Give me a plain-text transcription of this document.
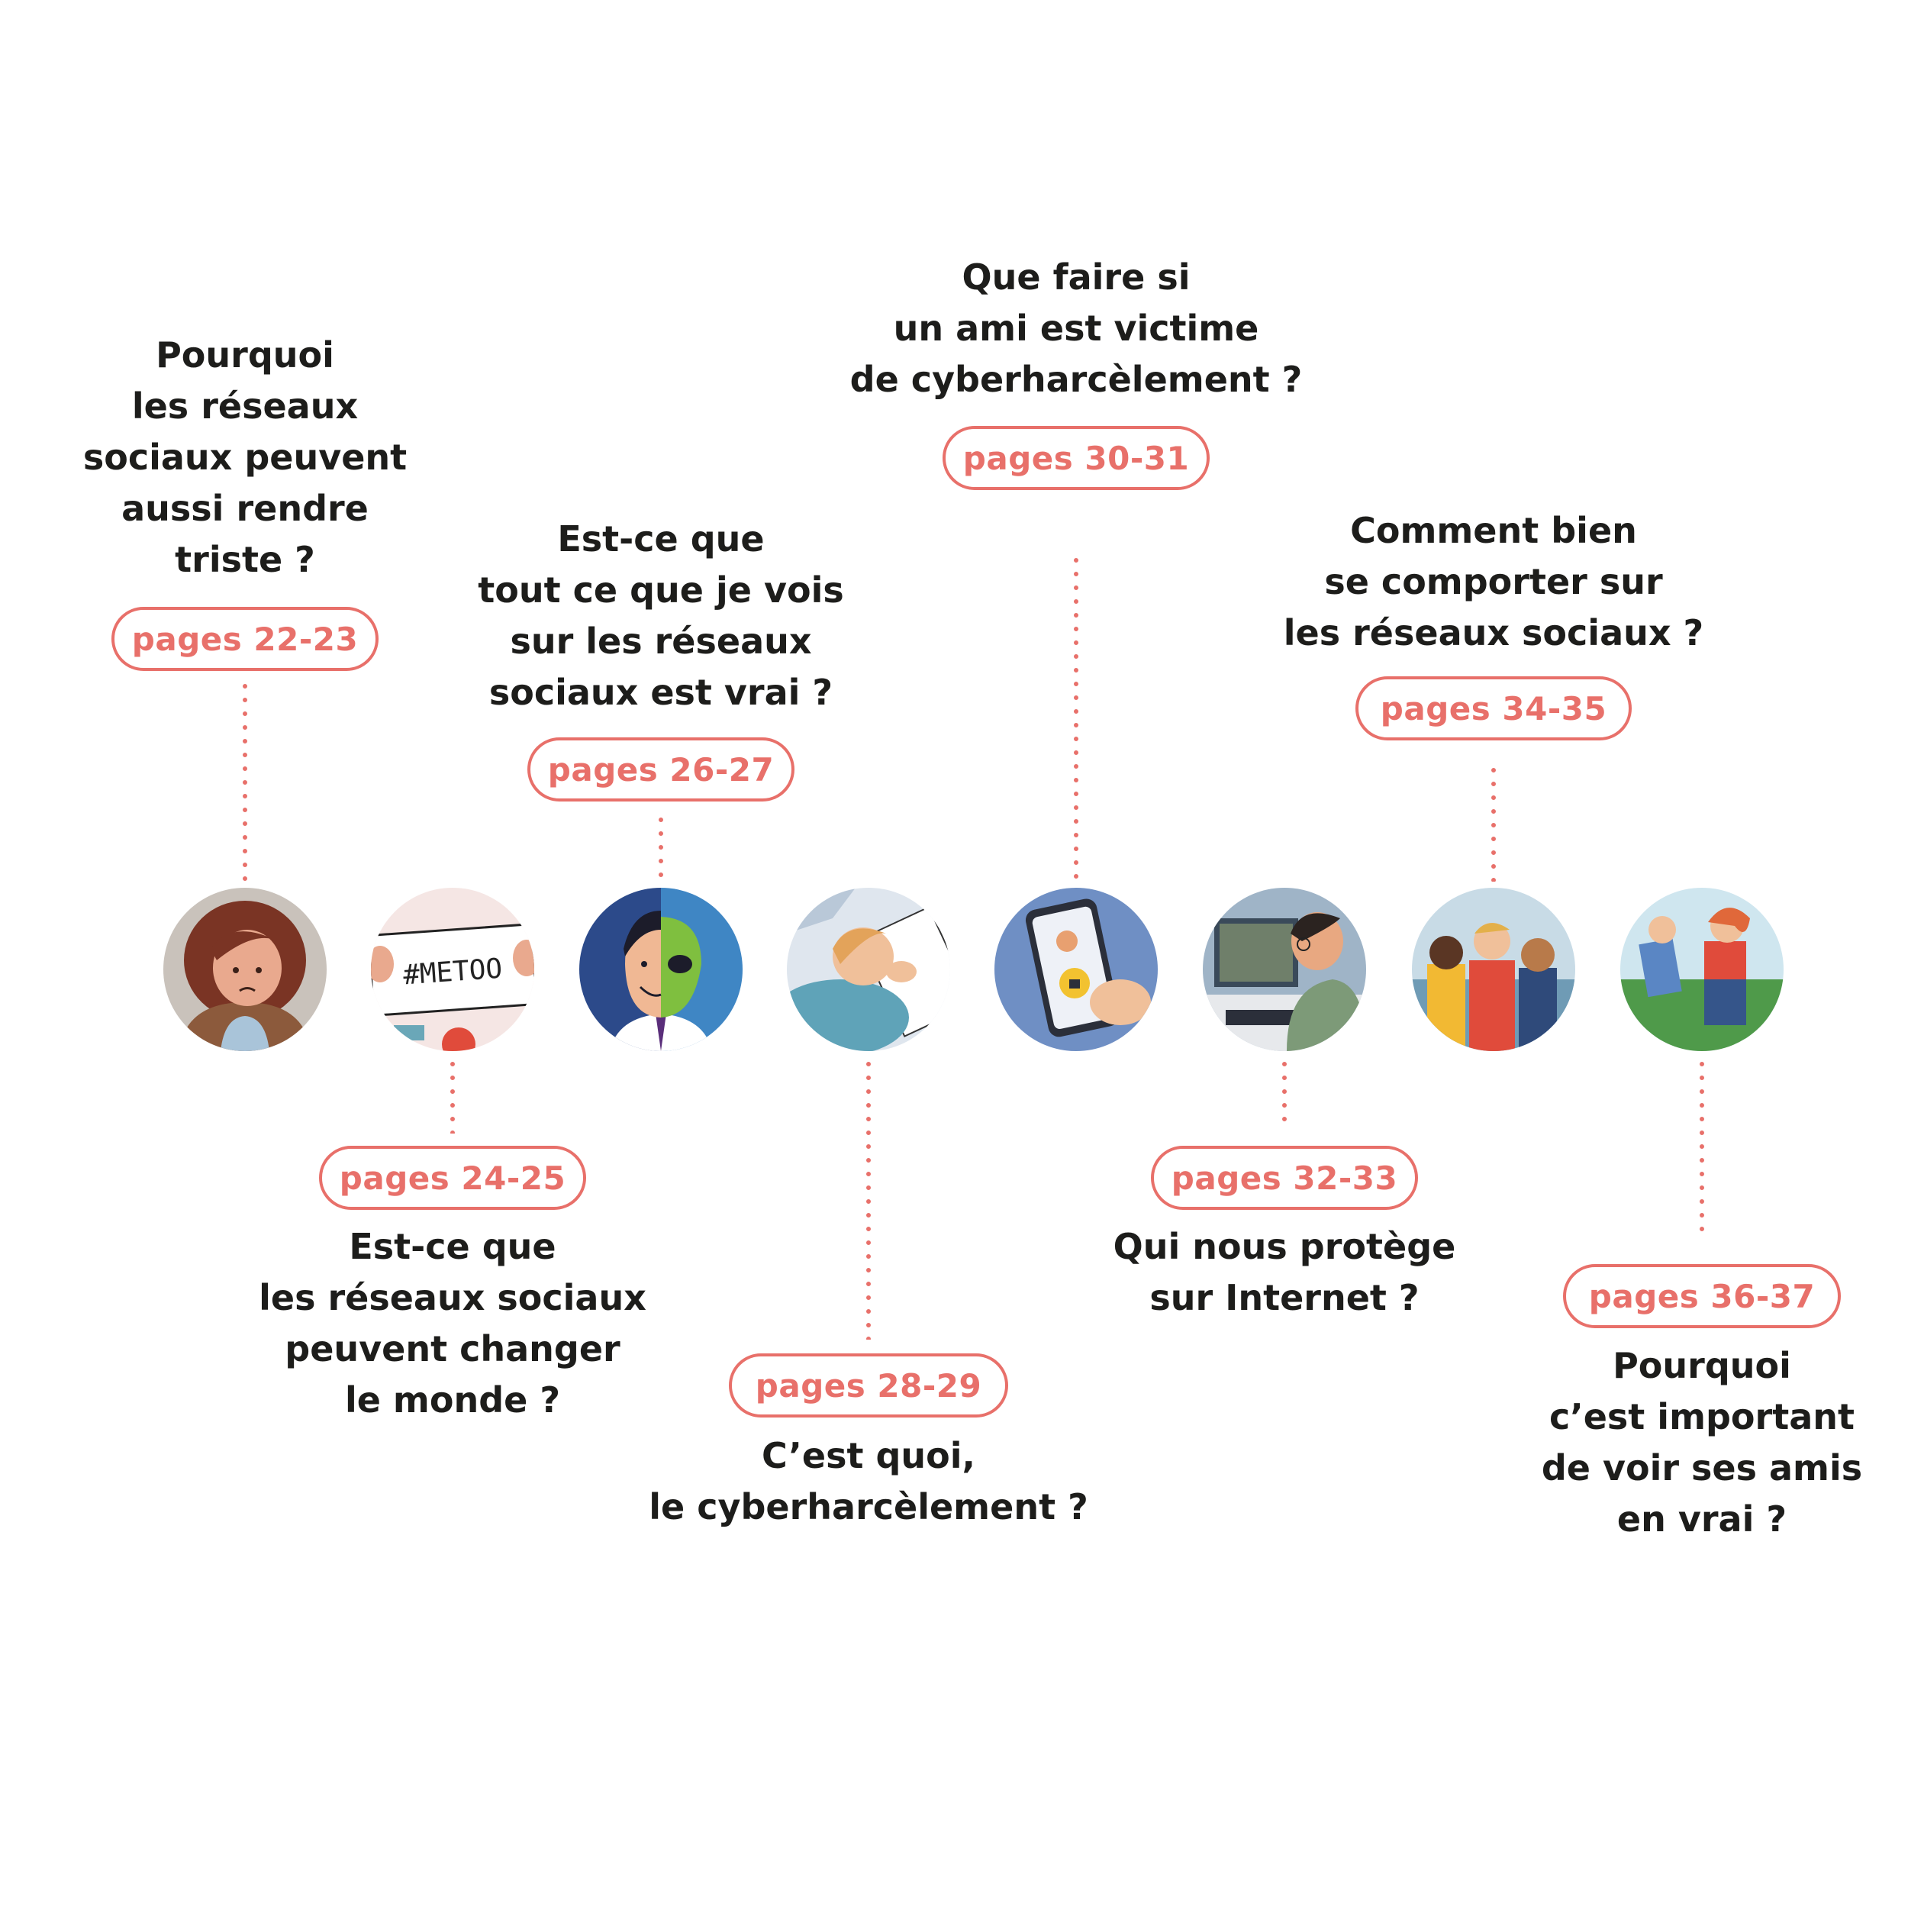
Pourquoi
les réseaux
sociaux peuvent
aussi rendre
triste ?
pages 22-23
#METOO
pages 24-25
Est-ce que
les réseaux sociaux
peuvent changer
le monde ?
Est-ce que
tout ce que je vois
sur les réseaux
sociaux est vrai ?
pages 26-27
pages 28-29
C’est quoi,
le cyberharcèlement ?
Que faire si
un ami est victime
de cyberharcèlement ?
pages 30-31
pages 32-33
Qui nous protège
sur Internet ?
Comment bien
se comporter sur
les réseaux sociaux ?
pages 34-35
pages 36-37
Pourquoi
c’est important
de voir ses amis
en vrai ?
